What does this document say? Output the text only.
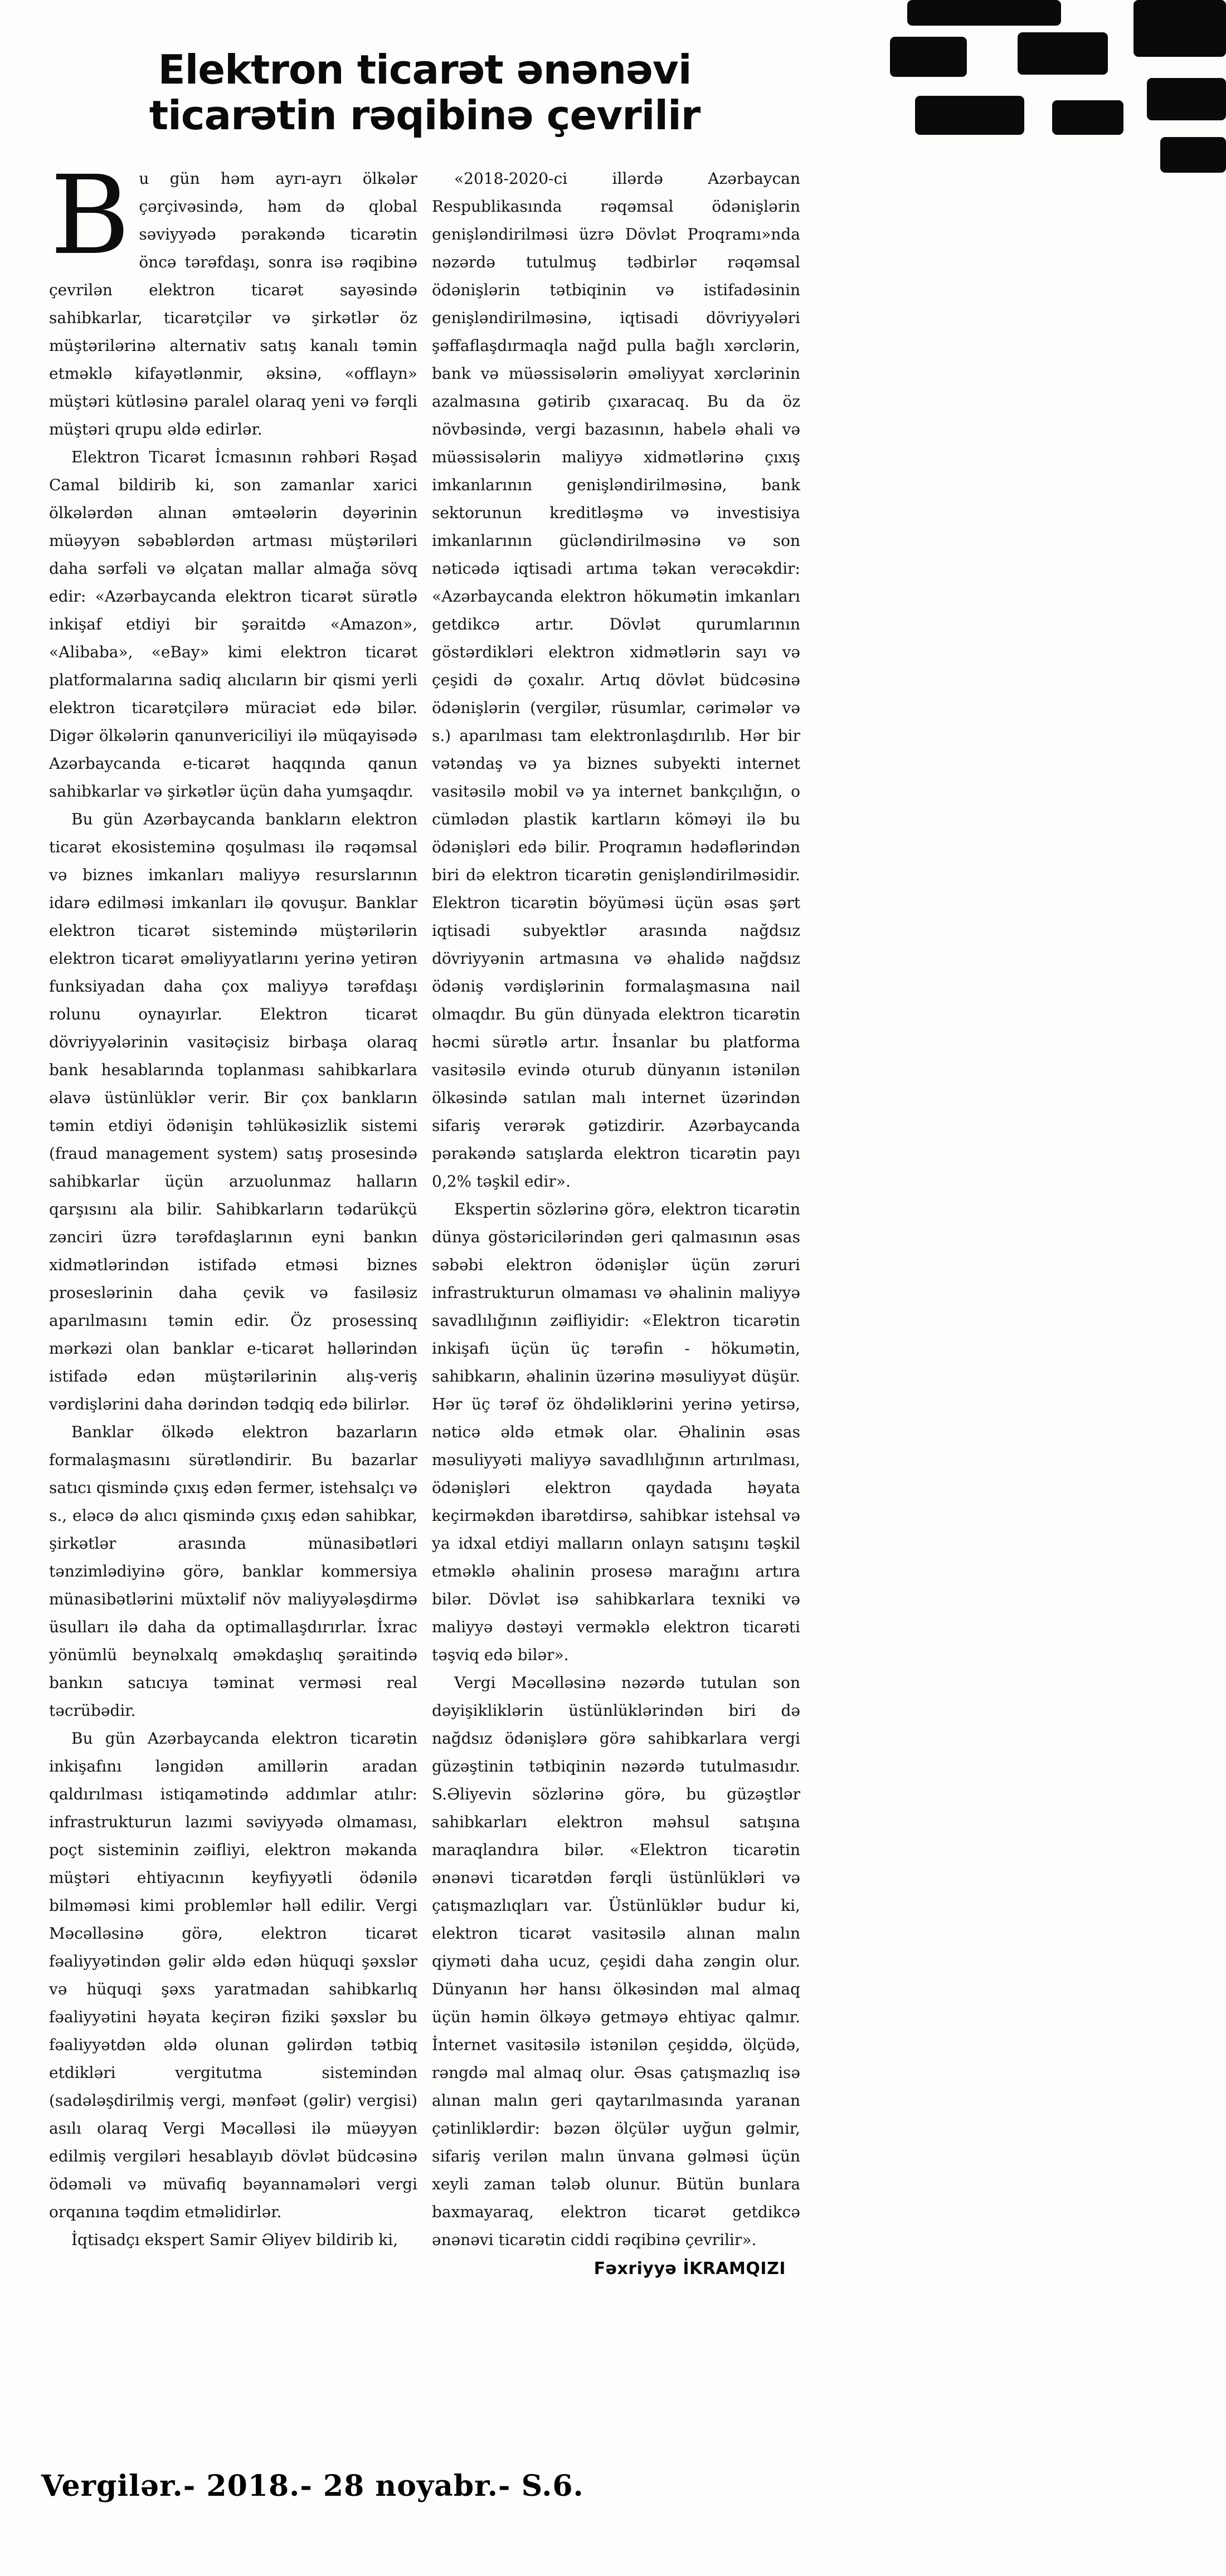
Elektron ticarət ənənəvi
ticarətin rəqibinə çevrilir

B u gün həm ayrı-ayrı ölkələr çərçivəsində, həm də qlobal səviyyədə pərakəndə ticarətin öncə tərəfdaşı, sonra isə rəqibinə çevrilən elektron ticarət sayəsində sahibkarlar, ticarətçilər və şirkətlər öz müştərilərinə alternativ satış kanalı təmin etməklə kifayətlənmir, əksinə, «offlayn» müştəri kütləsinə paralel olaraq yeni və fərqli müştəri qrupu əldə edirlər.

Elektron Ticarət İcmasının rəhbəri Rəşad Camal bildirib ki, son zamanlar xarici ölkələrdən alınan əmtəələrin dəyərinin müəyyən səbəblərdən artması müştəriləri daha sərfəli və əlçatan mallar almağa sövq edir: «Azərbaycanda elektron ticarət sürətlə inkişaf etdiyi bir şəraitdə «Amazon», «Alibaba», «eBay» kimi elektron ticarət platformalarına sadiq alıcıların bir qismi yerli elektron ticarətçilərə müraciət edə bilər. Digər ölkələrin qanunvericiliyi ilə müqayisədə Azərbaycanda e-ticarət haqqında qanun sahibkarlar və şirkətlər üçün daha yumşaqdır.

Bu gün Azərbaycanda bankların elektron ticarət ekosisteminə qoşulması ilə rəqəmsal və biznes imkanları maliyyə resurslarının idarə edilməsi imkanları ilə qovuşur. Banklar elektron ticarət sistemində müştərilərin elektron ticarət əməliyyatlarını yerinə yetirən funksiyadan daha çox maliyyə tərəfdaşı rolunu oynayırlar. Elektron ticarət dövriyyələrinin vasitəçisiz birbaşa olaraq bank hesablarında toplanması sahibkarlara əlavə üstünlüklər verir. Bir çox bankların təmin etdiyi ödənişin təhlükəsizlik sistemi (fraud management system) satış prosesində sahibkarlar üçün arzuolunmaz halların qarşısını ala bilir. Sahibkarların tədarükçü zənciri üzrə tərəfdaşlarının eyni bankın xidmətlərindən istifadə etməsi biznes proseslərinin daha çevik və fasiləsiz aparılmasını təmin edir. Öz prosessinq mərkəzi olan banklar e-ticarət həllərindən istifadə edən müştərilərinin alış-veriş vərdişlərini daha dərindən tədqiq edə bilirlər.

Banklar ölkədə elektron bazarların formalaşmasını sürətləndirir. Bu bazarlar satıcı qismində çıxış edən fermer, istehsalçı və s., eləcə də alıcı qismində çıxış edən sahibkar, şirkətlər arasında münasibətləri tənzimlədiyinə görə, banklar kommersiya münasibətlərini müxtəlif növ maliyyələşdirmə üsulları ilə daha da optimallaşdırırlar. İxrac yönümlü beynəlxalq əməkdaşlıq şəraitində bankın satıcıya təminat verməsi real təcrübədir.

Bu gün Azərbaycanda elektron ticarətin inkişafını ləngidən amillərin aradan qaldırılması istiqamətində addımlar atılır: infrastrukturun lazımi səviyyədə olmaması, poçt sisteminin zəifliyi, elektron məkanda müştəri ehtiyacının keyfiyyətli ödənilə bilməməsi kimi problemlər həll edilir. Vergi Məcəlləsinə görə, elektron ticarət fəaliyyətindən gəlir əldə edən hüquqi şəxslər və hüquqi şəxs yaratmadan sahibkarlıq fəaliyyətini həyata keçirən fiziki şəxslər bu fəaliyyətdən əldə olunan gəlirdən tətbiq etdikləri vergitutma sistemindən (sadələşdirilmiş vergi, mənfəət (gəlir) vergisi) asılı olaraq Vergi Məcəlləsi ilə müəyyən edilmiş vergiləri hesablayıb dövlət büdcəsinə ödəməli və müvafiq bəyannamələri vergi orqanına təqdim etməlidirlər.

İqtisadçı ekspert Samir Əliyev bildirib ki,

«2018-2020-ci illərdə Azərbaycan Respublikasında rəqəmsal ödənişlərin genişləndirilməsi üzrə Dövlət Proqramı»nda nəzərdə tutulmuş tədbirlər rəqəmsal ödənişlərin tətbiqinin və istifadəsinin genişləndirilməsinə, iqtisadi dövriyyələri şəffaflaşdırmaqla nağd pulla bağlı xərclərin, bank və müəssisələrin əməliyyat xərclərinin azalmasına gətirib çıxaracaq. Bu da öz növbəsində, vergi bazasının, habelə əhali və müəssisələrin maliyyə xidmətlərinə çıxış imkanlarının genişləndirilməsinə, bank sektorunun kreditləşmə və investisiya imkanlarının gücləndirilməsinə və son nəticədə iqtisadi artıma təkan verəcəkdir: «Azərbaycanda elektron hökumətin imkanları getdikcə artır. Dövlət qurumlarının göstərdikləri elektron xidmətlərin sayı və çeşidi də çoxalır. Artıq dövlət büdcəsinə ödənişlərin (vergilər, rüsumlar, cərimələr və s.) aparılması tam elektronlaşdırılıb. Hər bir vətəndaş və ya biznes subyekti internet vasitəsilə mobil və ya internet bankçılığın, o cümlədən plastik kartların köməyi ilə bu ödənişləri edə bilir. Proqramın hədəflərindən biri də elektron ticarətin genişləndirilməsidir. Elektron ticarətin böyüməsi üçün əsas şərt iqtisadi subyektlər arasında nağdsız dövriyyənin artmasına və əhalidə nağdsız ödəniş vərdişlərinin formalaşmasına nail olmaqdır. Bu gün dünyada elektron ticarətin həcmi sürətlə artır. İnsanlar bu platforma vasitəsilə evində oturub dünyanın istənilən ölkəsində satılan malı internet üzərindən sifariş verərək gətizdirir. Azərbaycanda pərakəndə satışlarda elektron ticarətin payı 0,2% təşkil edir».

Ekspertin sözlərinə görə, elektron ticarətin dünya göstəricilərindən geri qalmasının əsas səbəbi elektron ödənişlər üçün zəruri infrastrukturun olmaması və əhalinin maliyyə savadlılığının zəifliyidir: «Elektron ticarətin inkişafı üçün üç tərəfin - hökumətin, sahibkarın, əhalinin üzərinə məsuliyyət düşür. Hər üç tərəf öz öhdəliklərini yerinə yetirsə, nəticə əldə etmək olar. Əhalinin əsas məsuliyyəti maliyyə savadlılığının artırılması, ödənişləri elektron qaydada həyata keçirməkdən ibarətdirsə, sahibkar istehsal və ya idxal etdiyi malların onlayn satışını təşkil etməklə əhalinin prosesə marağını artıra bilər. Dövlət isə sahibkarlara texniki və maliyyə dəstəyi verməklə elektron ticarəti təşviq edə bilər».

Vergi Məcəlləsinə nəzərdə tutulan son dəyişikliklərin üstünlüklərindən biri də nağdsız ödənişlərə görə sahibkarlara vergi güzəştinin tətbiqinin nəzərdə tutulmasıdır. S.Əliyevin sözlərinə görə, bu güzəştlər sahibkarları elektron məhsul satışına maraqlandıra bilər. «Elektron ticarətin ənənəvi ticarətdən fərqli üstünlükləri və çatışmazlıqları var. Üstünlüklər budur ki, elektron ticarət vasitəsilə alınan malın qiyməti daha ucuz, çeşidi daha zəngin olur. Dünyanın hər hansı ölkəsindən mal almaq üçün həmin ölkəyə getməyə ehtiyac qalmır. İnternet vasitəsilə istənilən çeşiddə, ölçüdə, rəngdə mal almaq olur. Əsas çatışmazlıq isə alınan malın geri qaytarılmasında yaranan çətinliklərdir: bəzən ölçülər uyğun gəlmir, sifariş verilən malın ünvana gəlməsi üçün xeyli zaman tələb olunur. Bütün bunlara baxmayaraq, elektron ticarət getdikcə ənənəvi ticarətin ciddi rəqibinə çevrilir».

Fəxriyyə İKRAMQIZI

Vergilər.- 2018.- 28 noyabr.- S.6.
